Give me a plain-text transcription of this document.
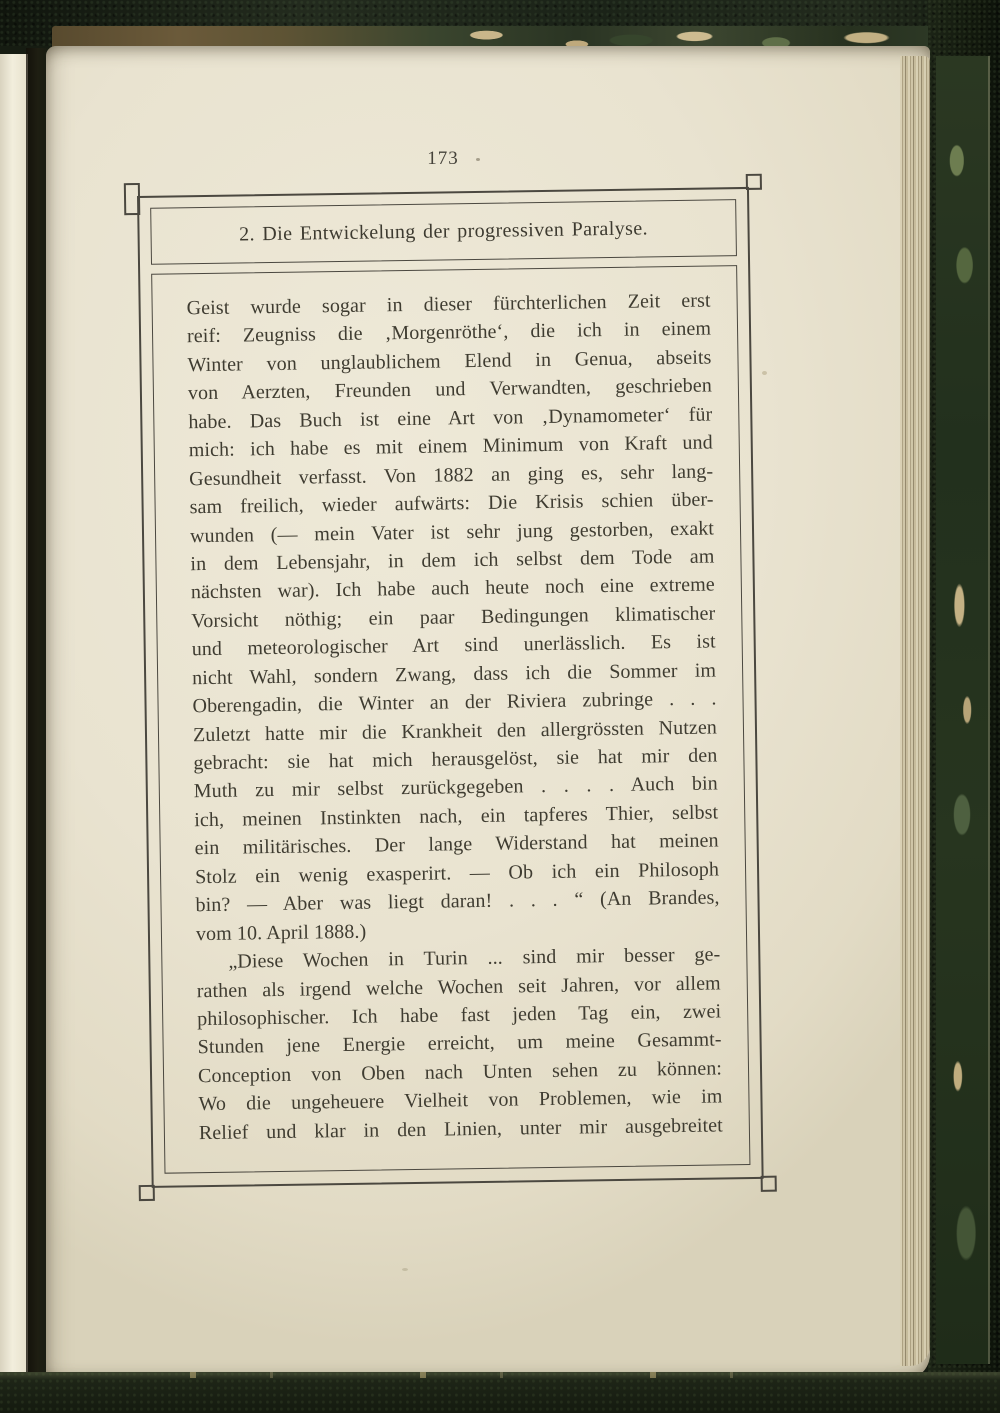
173
2. Die Entwickelung der progressiven Paralyse.
Geist wurde sogar in dieser fürchterlichen Zeit erst
reif: Zeugniss die ‚Morgenröthe‘, die ich in einem
Winter von unglaublichem Elend in Genua, abseits
von Aerzten, Freunden und Verwandten, geschrieben
habe. Das Buch ist eine Art von ‚Dynamometer‘ für
mich: ich habe es mit einem Minimum von Kraft und
Gesundheit verfasst. Von 1882 an ging es, sehr lang-
sam freilich, wieder aufwärts: Die Krisis schien über-
wunden (— mein Vater ist sehr jung gestorben, exakt
in dem Lebensjahr, in dem ich selbst dem Tode am
nächsten war). Ich habe auch heute noch eine extreme
Vorsicht nöthig; ein paar Bedingungen klimatischer
und meteorologischer Art sind unerlässlich. Es ist
nicht Wahl, sondern Zwang, dass ich die Sommer im
Oberengadin, die Winter an der Riviera zubringe . . .
Zuletzt hatte mir die Krankheit den allergrössten Nutzen
gebracht: sie hat mich herausgelöst, sie hat mir den
Muth zu mir selbst zurückgegeben . . . . Auch bin
ich, meinen Instinkten nach, ein tapferes Thier, selbst
ein militärisches. Der lange Widerstand hat meinen
Stolz ein wenig exasperirt. — Ob ich ein Philosoph
bin? — Aber was liegt daran! . . . “ (An Brandes,
vom 10. April 1888.)
„Diese Wochen in Turin ... sind mir besser ge-
rathen als irgend welche Wochen seit Jahren, vor allem
philosophischer. Ich habe fast jeden Tag ein, zwei
Stunden jene Energie erreicht, um meine Gesammt-
Conception von Oben nach Unten sehen zu können:
Wo die ungeheuere Vielheit von Problemen, wie im
Relief und klar in den Linien, unter mir ausgebreitet
